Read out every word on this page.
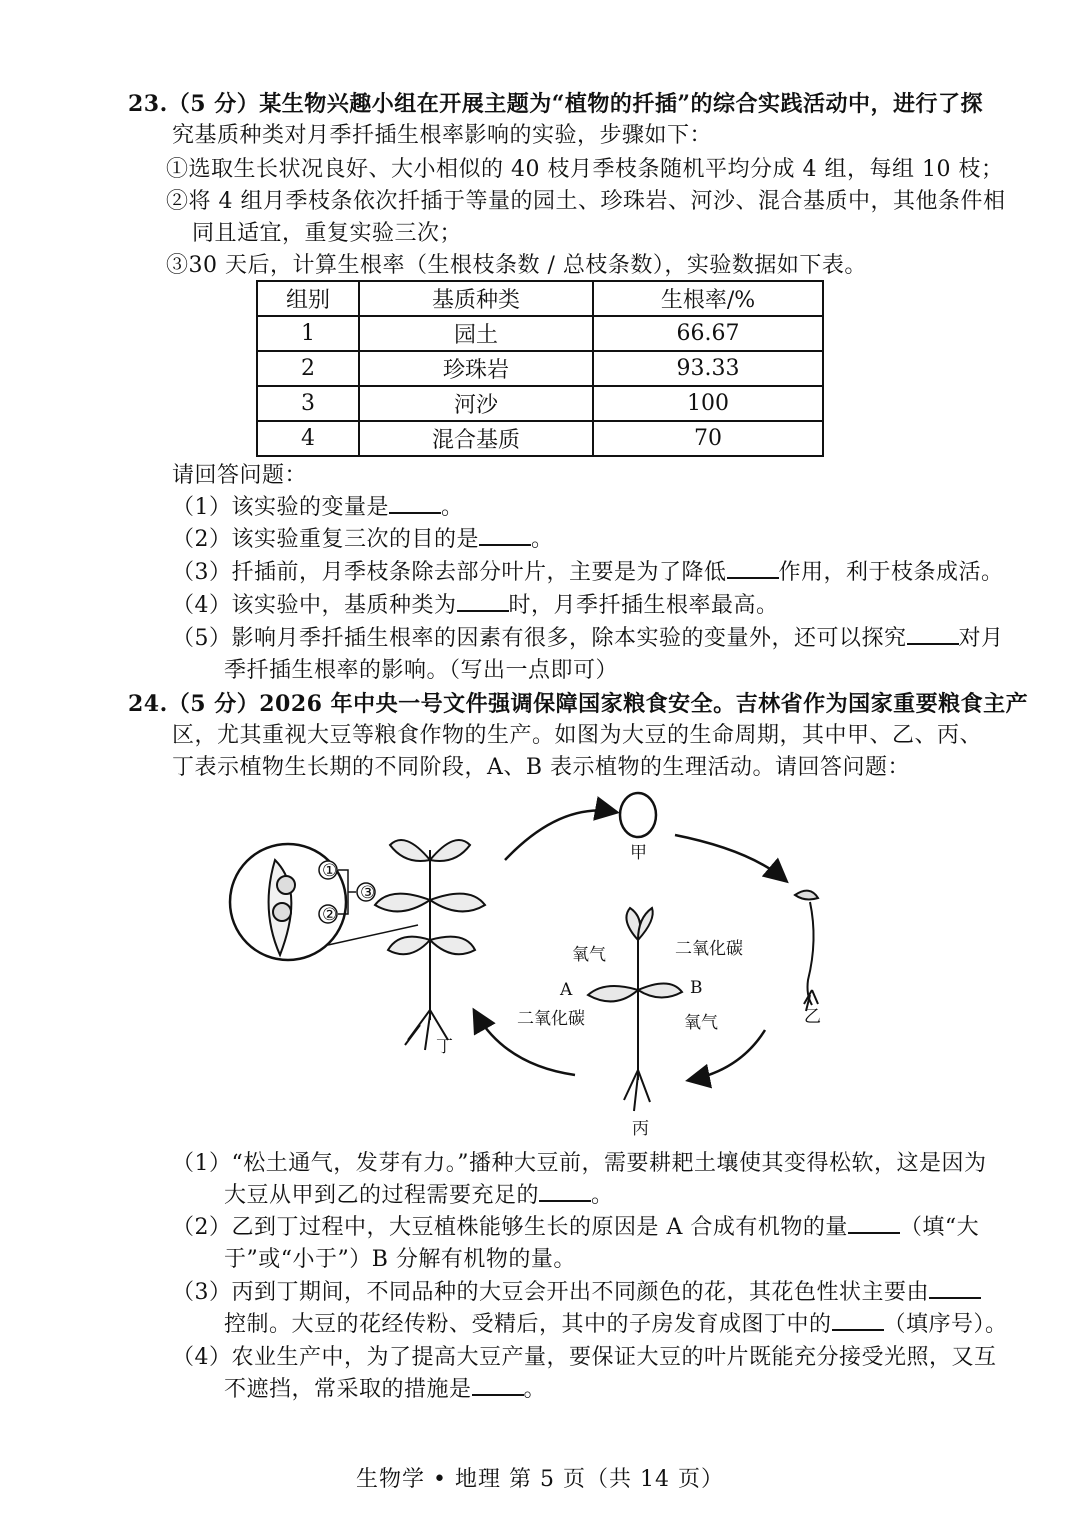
23.（5 分）某生物兴趣小组在开展主题为“植物的扦插”的综合实践活动中，进行了探
究基质种类对月季扦插生根率影响的实验，步骤如下：
①选取生长状况良好、大小相似的 40 枝月季枝条随机平均分成 4 组，每组 10 枝；
②将 4 组月季枝条依次扦插于等量的园土、珍珠岩、河沙、混合基质中，其他条件相
同且适宜，重复实验三次；
③30 天后，计算生根率（生根枝条数 / 总枝条数），实验数据如下表。
组别	基质种类	生根率/%
1	园土	66.67
2	珍珠岩	93.33
3	河沙	100
4	混合基质	70
请回答问题：
（1）该实验的变量是 。
（2）该实验重复三次的目的是 。
（3）扦插前，月季枝条除去部分叶片，主要是为了降低 作用，利于枝条成活。
（4）该实验中，基质种类为 时，月季扦插生根率最高。
（5）影响月季扦插生根率的因素有很多，除本实验的变量外，还可以探究 对月
季扦插生根率的影响。（写出一点即可）
24.（5 分）2026 年中央一号文件强调保障国家粮食安全。吉林省作为国家重要粮食主产
区，尤其重视大豆等粮食作物的生产。如图为大豆的生命周期，其中甲、乙、丙、
丁表示植物生长期的不同阶段，A、B 表示植物的生理活动。请回答问题：
甲
乙
氧气	二氧化碳
A	B
二氧化碳	氧气
丙
丁
①
②
③
（1）“松土通气，发芽有力。”播种大豆前，需要耕耙土壤使其变得松软，这是因为
大豆从甲到乙的过程需要充足的 。
（2）乙到丁过程中，大豆植株能够生长的原因是 A 合成有机物的量 （填“大
于”或“小于”）B 分解有机物的量。
（3）丙到丁期间，不同品种的大豆会开出不同颜色的花，其花色性状主要由
控制。大豆的花经传粉、受精后，其中的子房发育成图丁中的 （填序号）。
（4）农业生产中，为了提高大豆产量，要保证大豆的叶片既能充分接受光照，又互
不遮挡，常采取的措施是 。
生物学 • 地理 第 5 页（共 14 页）
